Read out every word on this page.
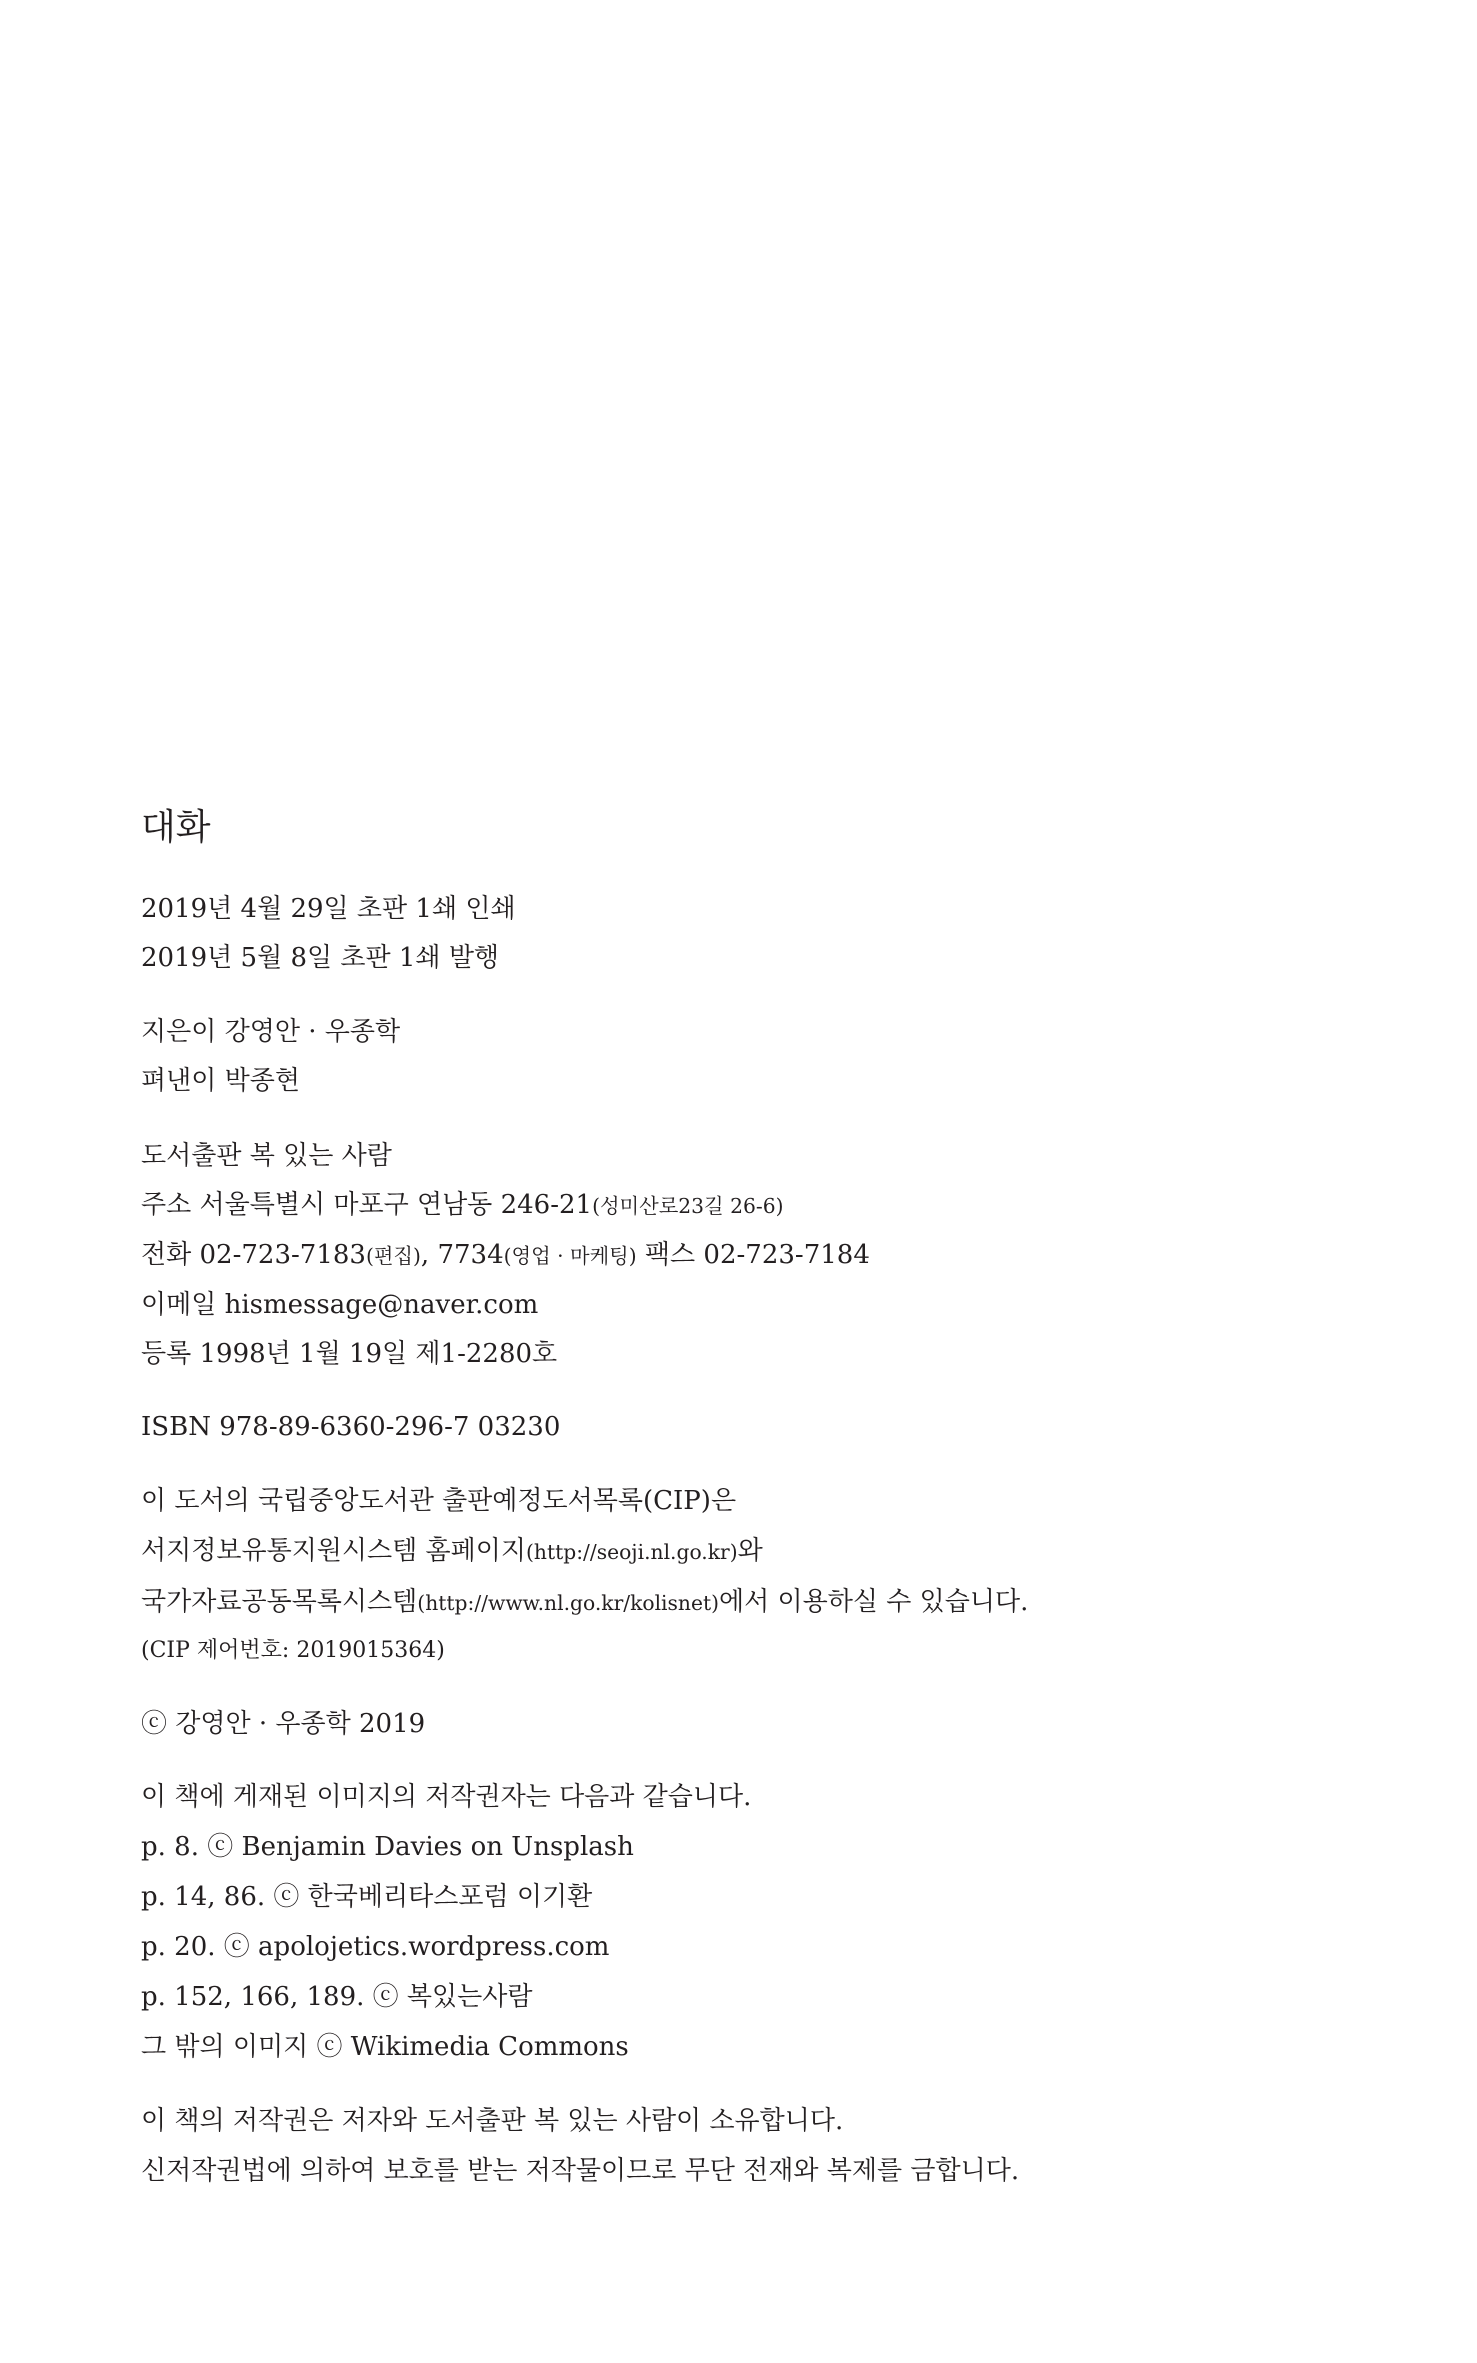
대화
2019년 4월 29일 초판 1쇄 인쇄
2019년 5월 8일 초판 1쇄 발행
지은이 강영안 · 우종학
펴낸이 박종현
도서출판 복 있는 사람
주소 서울특별시 마포구 연남동 246-21(성미산로23길 26-6)
전화 02-723-7183(편집), 7734(영업 · 마케팅) 팩스 02-723-7184
이메일 hismessage@naver.com
등록 1998년 1월 19일 제1-2280호
ISBN 978-89-6360-296-7 03230
이 도서의 국립중앙도서관 출판예정도서목록(CIP)은
서지정보유통지원시스템 홈페이지(http://seoji.nl.go.kr)와
국가자료공동목록시스템(http://www.nl.go.kr/kolisnet)에서 이용하실 수 있습니다.
(CIP 제어번호: 2019015364)
ⓒ 강영안 · 우종학 2019
이 책에 게재된 이미지의 저작권자는 다음과 같습니다.
p. 8. ⓒ Benjamin Davies on Unsplash
p. 14, 86. ⓒ 한국베리타스포럼 이기환
p. 20. ⓒ apolojetics.wordpress.com
p. 152, 166, 189. ⓒ 복있는사람
그 밖의 이미지 ⓒ Wikimedia Commons
이 책의 저작권은 저자와 도서출판 복 있는 사람이 소유합니다.
신저작권법에 의하여 보호를 받는 저작물이므로 무단 전재와 복제를 금합니다.
